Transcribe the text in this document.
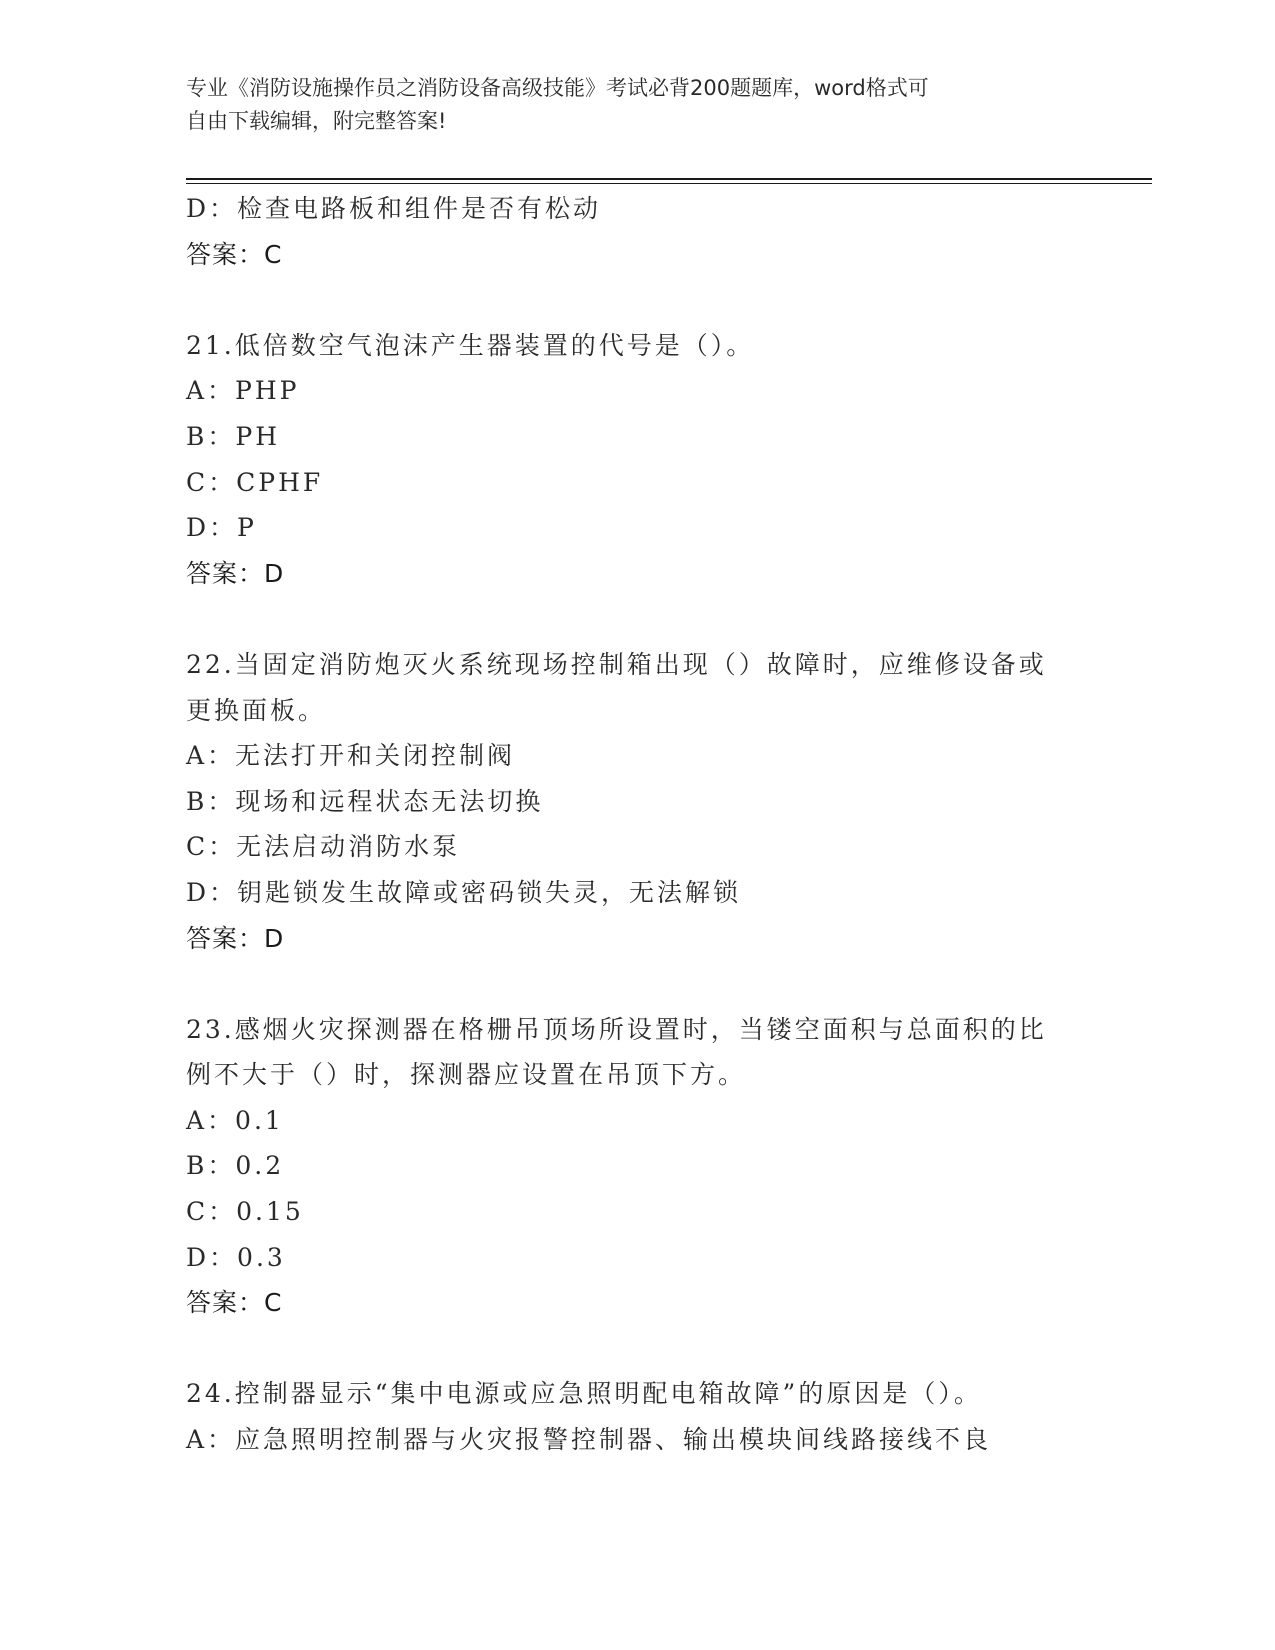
专业《消防设施操作员之消防设备高级技能》考试必背200题题库，word格式可
自由下载编辑，附完整答案!
D：检查电路板和组件是否有松动
答案：C
21.低倍数空气泡沫产生器装置的代号是（）。
A：PHP
B：PH
C：CPHF
D：P
答案：D
22.当固定消防炮灭火系统现场控制箱出现（）故障时，应维修设备或
更换面板。
A：无法打开和关闭控制阀
B：现场和远程状态无法切换
C：无法启动消防水泵
D：钥匙锁发生故障或密码锁失灵，无法解锁
答案：D
23.感烟火灾探测器在格栅吊顶场所设置时，当镂空面积与总面积的比
例不大于（）时，探测器应设置在吊顶下方。
A：0.1
B：0.2
C：0.15
D：0.3
答案：C
24.控制器显示“集中电源或应急照明配电箱故障”的原因是（）。
A：应急照明控制器与火灾报警控制器、输出模块间线路接线不良
